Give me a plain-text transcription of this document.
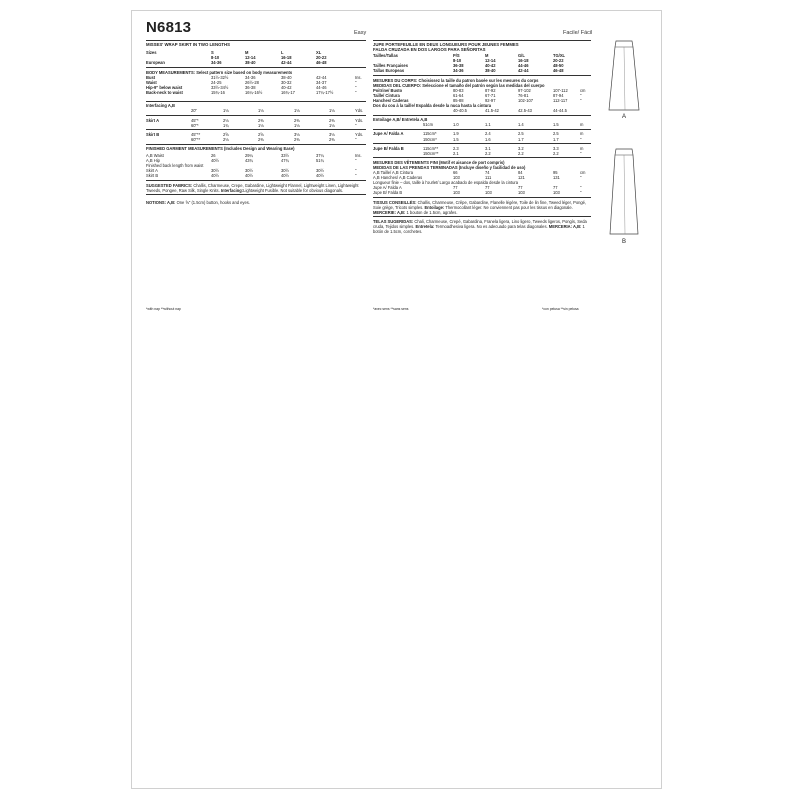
N6813	Easy	Facile/ Fácil
MISSES' WRAP SKIRT IN TWO LENGTHS
Sizes	S	M	L	XL
8-10	12-14	16-18	20-22
European	34-36	38-40	42-44	46-48
BODY MEASUREMENTS: Select pattern size based on body measurements
Bust	31½-32½	34-36	38-40	42-44	Ins.
Waist	24-25	26½-28	30-32	34-37	"
Hip-9" below waist	33½-34½	36-38	40-42	44-46	"
Back-neck to waist	15¾-16	16¼-16½	16¾-17	17¼-17½	"
Interfacing A,B
20"	1⅛	1⅛	1⅛	1⅛	Yds.
Skirt A	45"*	2⅛	2⅜	2⅜	2⅜	Yds.
60"*	1¾	1⅛	1⅛	1⅛	"
Skirt B	45"**	2⅝	2⅝	3⅛	3⅛	Yds.
60"**	2⅛	2⅜	2⅜	2⅜	"
FINISHED GARMENT MEASUREMENTS (Includes Design and Wearing Ease)
A,B Waist	26	29¼	33½	37¼	Ins.
A,B Hip	40½	43¾	47¾	51¾	"
Finished back length from waist
Skirt A	30½	30½	30½	30½	"
Skirt B	40½	40½	40½	40½	"
SUGGESTED FABRICS: Challis, Charmeuse, Crepe, Gabardine, Lightweight Flannel, Lightweight Linen, Lightweight Tweeds, Pongee, Raw Silk, Single Knits. Interfacing:Lightweight Fusible. Not suitable for obvious diagonals.
NOTIONS: A,B: One ⅝" (1.5cm) button, hooks and eyes.
*with nap **without nap
JUPE PORTEFEUILLE EN DEUX LONGUEURS POUR JEUNES FEMMES
FALDA CRUZADA EN DOS LARGOS PARA SEÑORITAS
Tailles/Tallas	P/S	M	G/L	TG/XL
8-10	12-14	16-18	20-22
Tailles Françaises	36-38	40-42	44-46	48-50
Tallas Europeas	34-36	38-40	42-44	46-48
MESURES DU CORPS: Choisissez la taille du patron basée sur les mesures du corps
MEDIDAS DEL CUERPO: Seleccione el tamaño del patrón según las medidas del cuerpo
Poitrine/ Busto	80-83	87-92	97-102	107-112	cm
Taille/ Cintura	61-64	67-71	76-81	87-94	"
Hanches/ Caderas	85-88	92-97	102-107	112-117	"
Dos du cou à la taille/ Espalda desde la nuca hasta la cintura
40-40.5	41.5-42	42.5-43	44-44.5
Entoilage A,B/ Entretela A,B
51cm	1.0	1.1	1.4	1.5	m
Jupe A/ Falda A	115cm*	1.9	2.4	2.5	2.5	m
150cm*	1.5	1.6	1.7	1.7	"
Jupe B/ Falda B	115cm**	2.3	3.1	3.2	3.3	m
150cm**	2.1	2.2	2.2	2.2	"
MESURES DES VÊTEMENTS FINI (Motif et aisance de port compris)
MEDIDAS DE LAS PRENDAS TERMINADAS (Incluye diseño y facilidad de uso)
A,B Taille/ A,B Cintura	66	74	84	95	cm
A,B Hanches/ A,B Caderas	103	111	121	131	"
Longueur finie – dos, taille à l'ourlet/ Largo acabado de espalda desde la cintura
Jupe A/ Falda A	77	77	77	77	"
Jupe B/ Falda B	103	103	103	103	"
TISSUS CONSEILLÉS: Challis, Charmeuse, Crêpe, Gabardine, Flanelle légère, Toile de lin fine, Tweed léger, Pongé, Soie grège, Tricots simples. Entoilage: Thermocollant léger. Ne conviennent pas pour les tissus en diagonale. MERCERIE: A,B: 1 bouton de 1.5cm, agrafes.
TELAS SUGERIDAS: Chali, Charmeuse, Crepé, Gabardina, Franela ligera, Lino ligero, Tweeds ligeros, Pongís, Seda cruda, Tejidos simples. Entretela: Termoadhesiva ligera. No es adecuado para telas diagonales. MERCERIA: A,B: 1 botón de 1.5cm, corchetes.
*avec sens **sans sens	*con pelusa **sin pelusa
A
B
